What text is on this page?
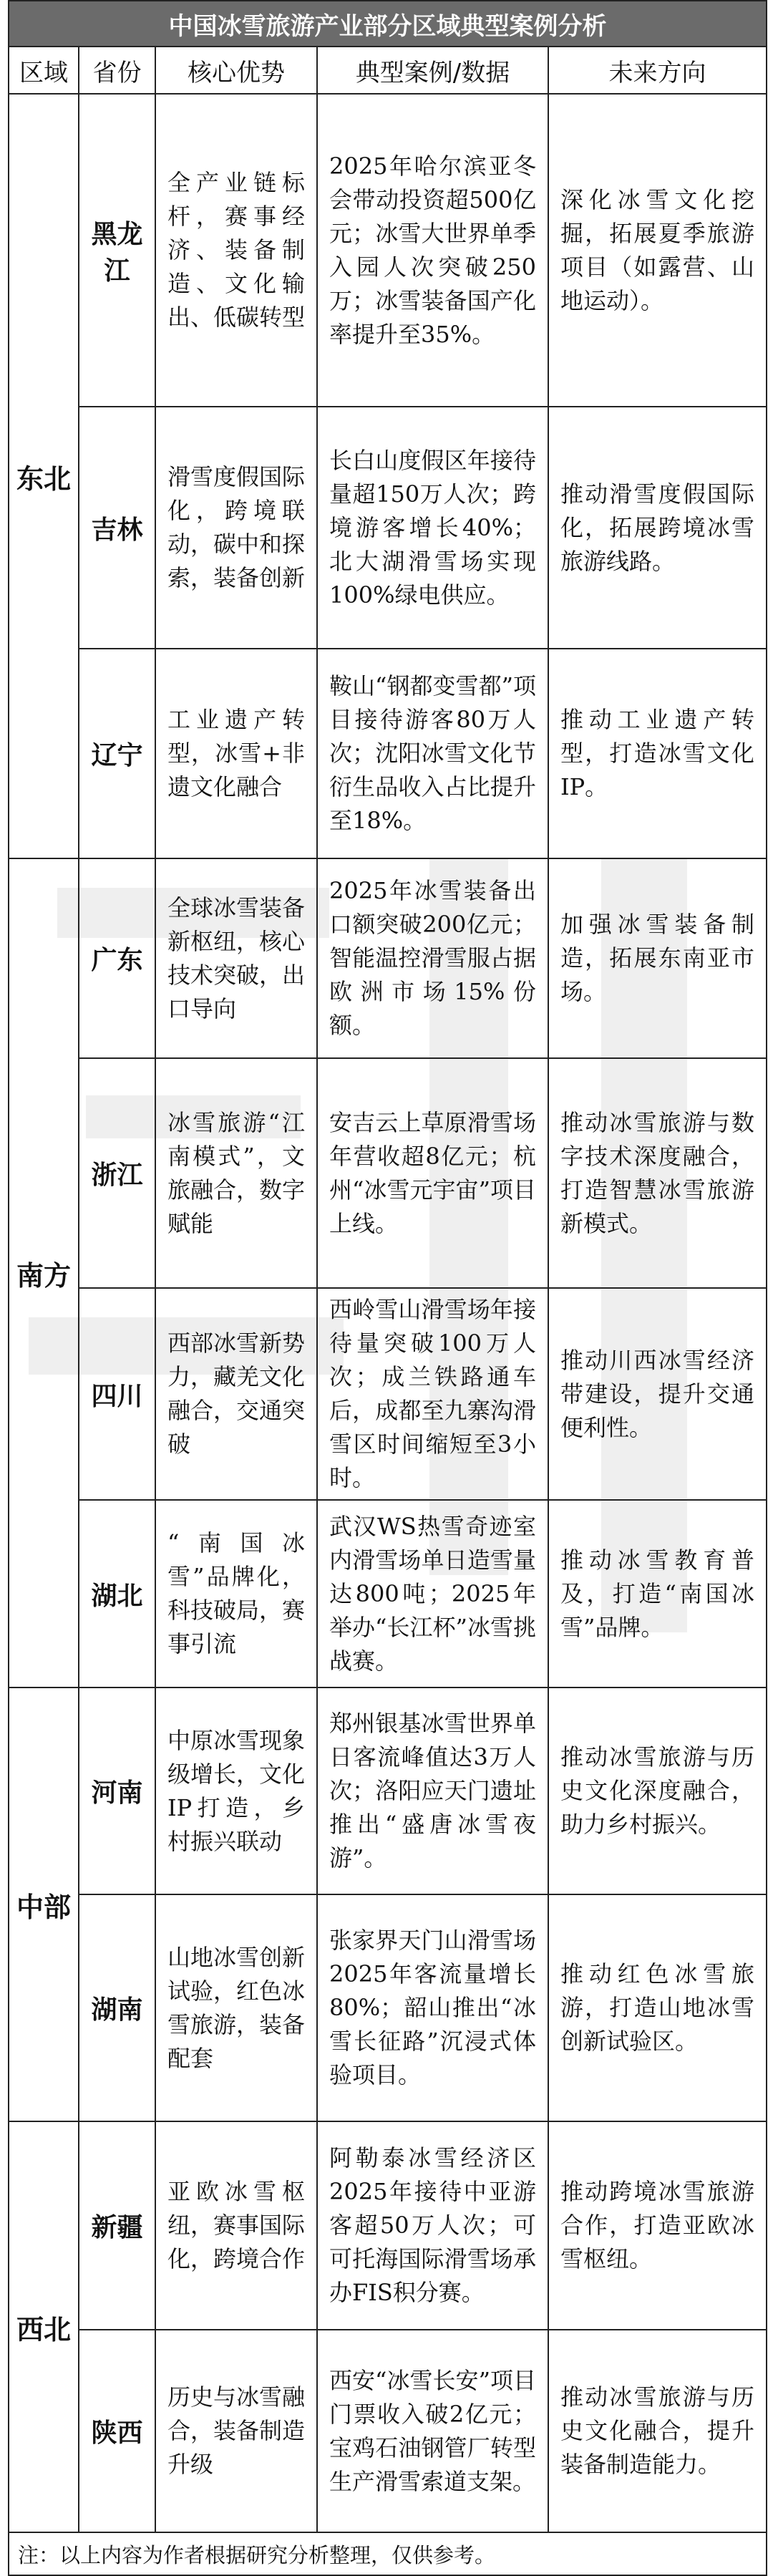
中国冰雪旅游产业部分区域典型案例分析				
区域	省份	核心优势	典型案例/数据	未来方向
东北	黑龙江	全产业链标杆，赛事经济、装备制造、文化输出、低碳转型	2025年哈尔滨亚冬会带动投资超500亿元；冰雪大世界单季入园人次突破250万；冰雪装备国产化率提升至35%。	深化冰雪文化挖掘，拓展夏季旅游项目（如露营、山地运动）。
	吉林	滑雪度假国际化，跨境联动，碳中和探索，装备创新	长白山度假区年接待量超150万人次；跨境游客增长40%；北大湖滑雪场实现100%绿电供应。	推动滑雪度假国际化，拓展跨境冰雪旅游线路。
	辽宁	工业遗产转型，冰雪+非遗文化融合	鞍山“钢都变雪都”项目接待游客80万人次；沈阳冰雪文化节衍生品收入占比提升至18%。	推动工业遗产转型，打造冰雪文化IP。
南方	广东	全球冰雪装备新枢纽，核心技术突破，出口导向	2025年冰雪装备出口额突破200亿元；智能温控滑雪服占据欧洲市场15%份额。	加强冰雪装备制造，拓展东南亚市场。
	浙江	冰雪旅游“江南模式”，文旅融合，数字赋能	安吉云上草原滑雪场年营收超8亿元；杭州“冰雪元宇宙”项目上线。	推动冰雪旅游与数字技术深度融合，打造智慧冰雪旅游新模式。
	四川	西部冰雪新势力，藏羌文化融合，交通突破	西岭雪山滑雪场年接待量突破100万人次；成兰铁路通车后，成都至九寨沟滑雪区时间缩短至3小时。	推动川西冰雪经济带建设，提升交通便利性。
	湖北	“南国冰雪”品牌化，科技破局，赛事引流	武汉WS热雪奇迹室内滑雪场单日造雪量达800吨；2025年举办“长江杯”冰雪挑战赛。	推动冰雪教育普及，打造“南国冰雪”品牌。
中部	河南	中原冰雪现象级增长，文化IP打造，乡村振兴联动	郑州银基冰雪世界单日客流峰值达3万人次；洛阳应天门遗址推出“盛唐冰雪夜游”。	推动冰雪旅游与历史文化深度融合，助力乡村振兴。
	湖南	山地冰雪创新试验，红色冰雪旅游，装备配套	张家界天门山滑雪场2025年客流量增长80%；韶山推出“冰雪长征路”沉浸式体验项目。	推动红色冰雪旅游，打造山地冰雪创新试验区。
西北	新疆	亚欧冰雪枢纽，赛事国际化，跨境合作	阿勒泰冰雪经济区2025年接待中亚游客超50万人次；可可托海国际滑雪场承办FIS积分赛。	推动跨境冰雪旅游合作，打造亚欧冰雪枢纽。
	陕西	历史与冰雪融合，装备制造升级	西安“冰雪长安”项目门票收入破2亿元；宝鸡石油钢管厂转型生产滑雪索道支架。	推动冰雪旅游与历史文化融合，提升装备制造能力。
注：以上内容为作者根据研究分析整理，仅供参考。				
